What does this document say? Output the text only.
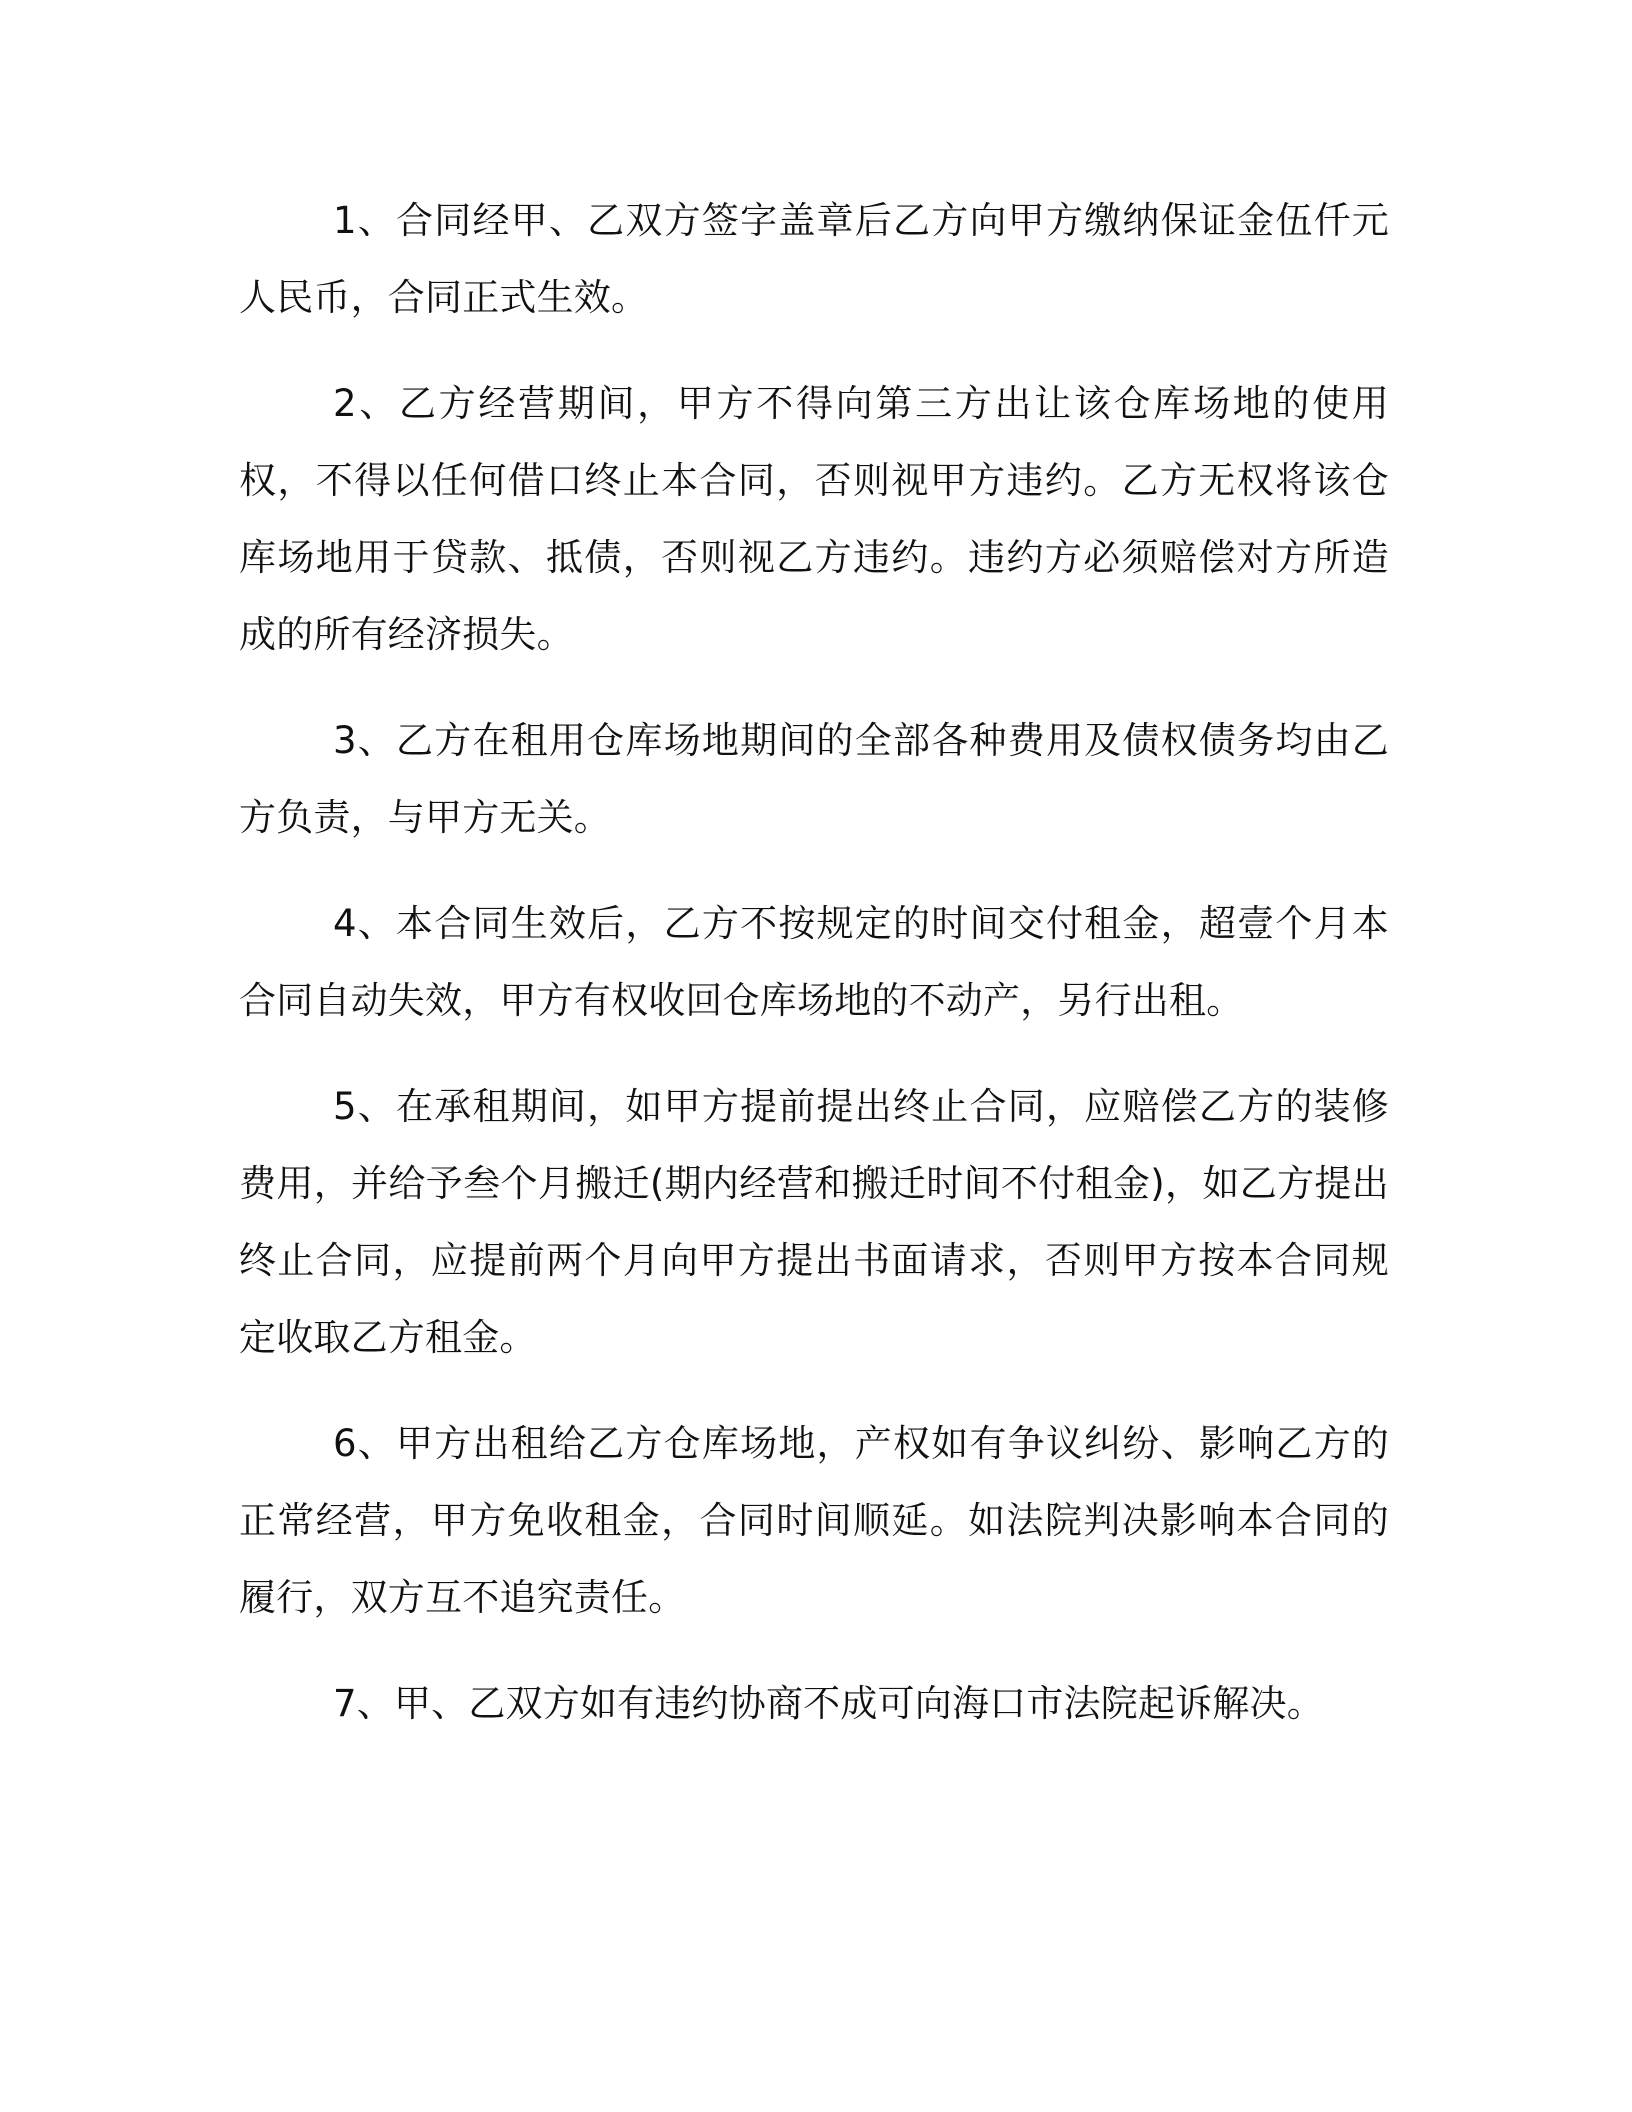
1、合同经甲、乙双方签字盖章后乙方向甲方缴纳保证金伍仟元人民币，合同正式生效。

2、乙方经营期间，甲方不得向第三方出让该仓库场地的使用权，不得以任何借口终止本合同，否则视甲方违约。乙方无权将该仓库场地用于贷款、抵债，否则视乙方违约。违约方必须赔偿对方所造成的所有经济损失。

3、乙方在租用仓库场地期间的全部各种费用及债权债务均由乙方负责，与甲方无关。

4、本合同生效后，乙方不按规定的时间交付租金，超壹个月本合同自动失效，甲方有权收回仓库场地的不动产，另行出租。

5、在承租期间，如甲方提前提出终止合同，应赔偿乙方的装修费用，并给予叁个月搬迁(期内经营和搬迁时间不付租金)，如乙方提出终止合同，应提前两个月向甲方提出书面请求，否则甲方按本合同规定收取乙方租金。

6、甲方出租给乙方仓库场地，产权如有争议纠纷、影响乙方的正常经营，甲方免收租金，合同时间顺延。如法院判决影响本合同的履行，双方互不追究责任。

7、甲、乙双方如有违约协商不成可向海口市法院起诉解决。
